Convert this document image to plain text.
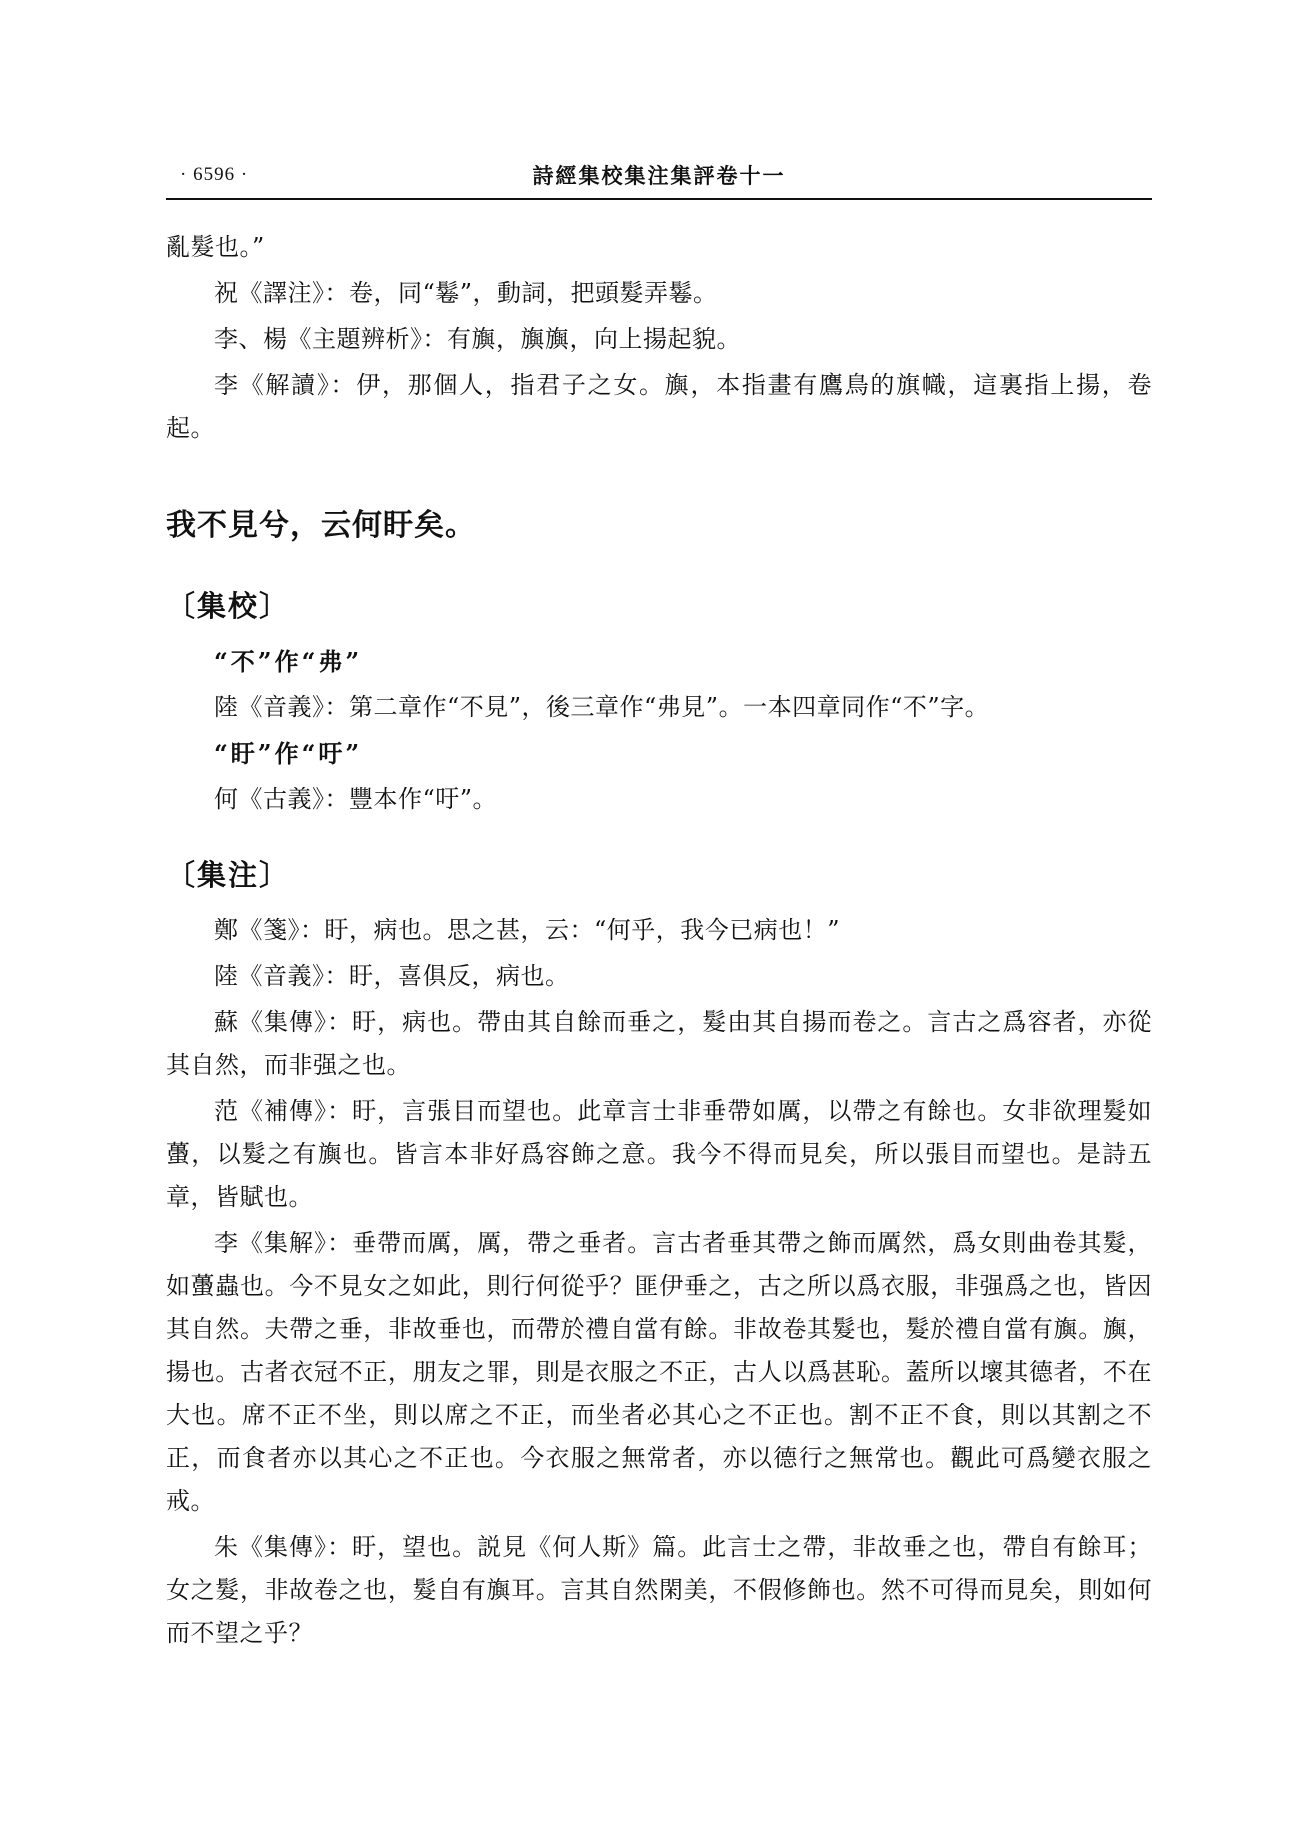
· 6596 ·	詩經集校集注集評卷十一

亂髮也。”

祝《譯注》：卷，同“鬈”，動詞，把頭髮弄鬈。

李、楊《主題辨析》：有旟，旟旟，向上揚起貌。

李《解讀》：伊，那個人，指君子之女。旟，本指畫有鷹鳥的旗幟，這裏指上揚，卷起。

我不見兮，云何盱矣。
〔集校〕
“不”作“弗”

陸《音義》：第二章作“不見”，後三章作“弗見”。一本四章同作“不”字。

“盱”作“吁”

何《古義》：豐本作“吁”。

〔集注〕

鄭《箋》：盱，病也。思之甚，云：“何乎，我今已病也！”

陸《音義》：盱，喜俱反，病也。

蘇《集傳》：盱，病也。帶由其自餘而垂之，髮由其自揚而卷之。言古之爲容者，亦從其自然，而非强之也。

范《補傳》：盱，言張目而望也。此章言士非垂帶如厲，以帶之有餘也。女非欲理髮如蠆，以髮之有旟也。皆言本非好爲容飾之意。我今不得而見矣，所以張目而望也。是詩五章，皆賦也。

李《集解》：垂帶而厲，厲，帶之垂者。言古者垂其帶之飾而厲然，爲女則曲卷其髮，如蠆蟲也。今不見女之如此，則行何從乎？匪伊垂之，古之所以爲衣服，非强爲之也，皆因其自然。夫帶之垂，非故垂也，而帶於禮自當有餘。非故卷其髮也，髮於禮自當有旟。旟，揚也。古者衣冠不正，朋友之罪，則是衣服之不正，古人以爲甚恥。蓋所以壞其德者，不在大也。席不正不坐，則以席之不正，而坐者必其心之不正也。割不正不食，則以其割之不正，而食者亦以其心之不正也。今衣服之無常者，亦以德行之無常也。觀此可爲變衣服之戒。

朱《集傳》：盱，望也。説見《何人斯》篇。此言士之帶，非故垂之也，帶自有餘耳；女之髮，非故卷之也，髮自有旟耳。言其自然閑美，不假修飾也。然不可得而見矣，則如何而不望之乎？
